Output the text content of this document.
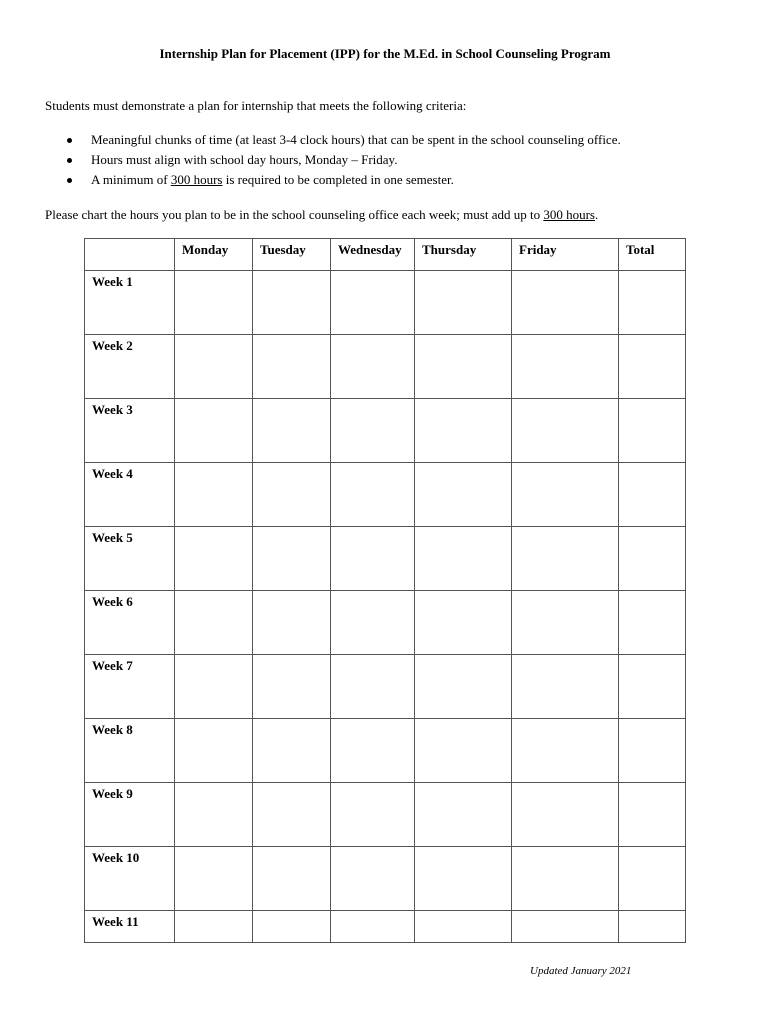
Internship Plan for Placement (IPP) for the M.Ed. in School Counseling Program
Students must demonstrate a plan for internship that meets the following criteria:
Meaningful chunks of time (at least 3-4 clock hours) that can be spent in the school counseling office.
Hours must align with school day hours, Monday – Friday.
A minimum of 300 hours is required to be completed in one semester.
Please chart the hours you plan to be in the school counseling office each week; must add up to 300 hours.

	Monday	Tuesday	Wednesday	Thursday	Friday	Total

Week 1						

Week 2						

Week 3						

Week 4						

Week 5						

Week 6						

Week 7						

Week 8						

Week 9						

Week 10						

Week 11						

Updated January 2021
